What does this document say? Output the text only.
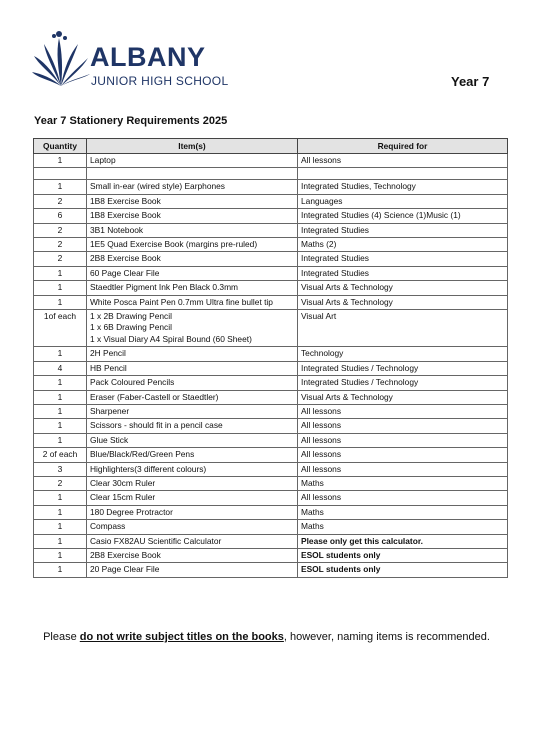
ALBANY
JUNIOR HIGH SCHOOL	Year 7
Year 7 Stationery Requirements 2025
Quantity	Item(s)	Required for
1	Laptop	All lessons

1	Small in-ear (wired style) Earphones	Integrated Studies, Technology
2	1B8 Exercise Book	Languages
6	1B8 Exercise Book	Integrated Studies (4) Science (1)Music (1)
2	3B1 Notebook	Integrated Studies
2	1E5 Quad Exercise Book (margins pre-ruled)	Maths (2)
2	2B8 Exercise Book	Integrated Studies
1	60 Page Clear File	Integrated Studies
1	Staedtler Pigment Ink Pen Black 0.3mm	Visual Arts & Technology
1	White Posca Paint Pen 0.7mm Ultra fine bullet tip	Visual Arts & Technology
1of each	1 x 2B Drawing Pencil
1 x 6B Drawing Pencil
1 x Visual Diary A4 Spiral Bound (60 Sheet)	Visual Art
1	2H Pencil	Technology
4	HB Pencil	Integrated Studies / Technology
1	Pack Coloured Pencils	Integrated Studies / Technology
1	Eraser (Faber-Castell or Staedtler)	Visual Arts & Technology
1	Sharpener	All lessons
1	Scissors - should fit in a pencil case	All lessons
1	Glue Stick	All lessons
2 of each	Blue/Black/Red/Green Pens	All lessons
3	Highlighters(3 different colours)	All lessons
2	Clear 30cm Ruler	Maths
1	Clear 15cm Ruler	All lessons
1	180 Degree Protractor	Maths
1	Compass	Maths
1	Casio FX82AU Scientific Calculator	Please only get this calculator.
1	2B8 Exercise Book	ESOL students only
1	20 Page Clear File	ESOL students only
Please do not write subject titles on the books, however, naming items is recommended.
